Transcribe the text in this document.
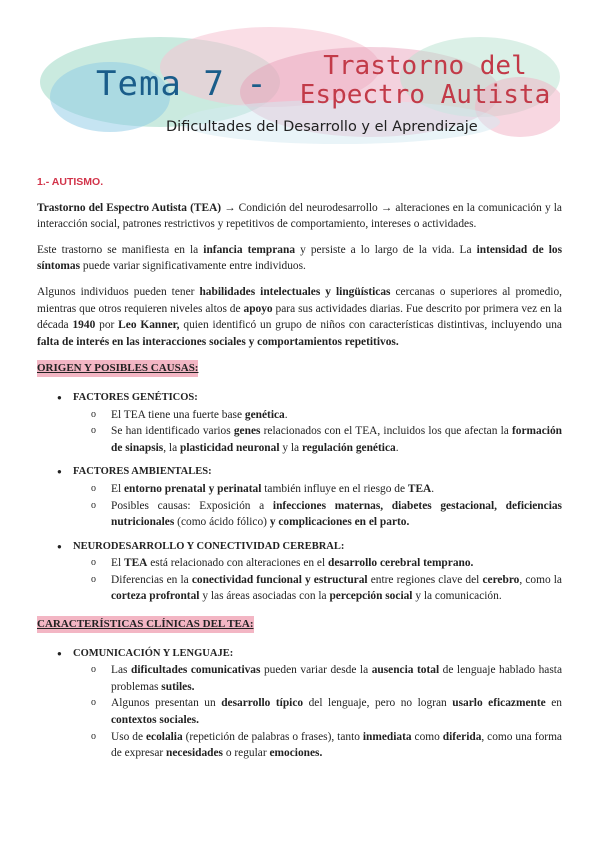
Tema 7 -	Trastorno del Espectro Autista
Dificultades del Desarrollo y el Aprendizaje
1.- AUTISMO.

Trastorno del Espectro Autista (TEA) → Condición del neurodesarrollo → alteraciones en la comunicación y la interacción social, patrones restrictivos y repetitivos de comportamiento, intereses o actividades.

Este trastorno se manifiesta en la infancia temprana y persiste a lo largo de la vida. La intensidad de los síntomas puede variar significativamente entre individuos.

Algunos individuos pueden tener habilidades intelectuales y lingüísticas cercanas o superiores al promedio, mientras que otros requieren niveles altos de apoyo para sus actividades diarias. Fue descrito por primera vez en la década 1940 por Leo Kanner, quien identificó un grupo de niños con características distintivas, incluyendo una falta de interés en las interacciones sociales y comportamientos repetitivos.

ORIGEN Y POSIBLES CAUSAS:
● FACTORES GENÉTICOS:
o El TEA tiene una fuerte base genética.
o Se han identificado varios genes relacionados con el TEA, incluidos los que afectan la formación de sinapsis, la plasticidad neuronal y la regulación genética.
● FACTORES AMBIENTALES:
o El entorno prenatal y perinatal también influye en el riesgo de TEA.
o Posibles causas: Exposición a infecciones maternas, diabetes gestacional, deficiencias nutricionales (como ácido fólico) y complicaciones en el parto.
● NEURODESARROLLO Y CONECTIVIDAD CEREBRAL:
o El TEA está relacionado con alteraciones en el desarrollo cerebral temprano.
o Diferencias en la conectividad funcional y estructural entre regiones clave del cerebro, como la corteza profrontal y las áreas asociadas con la percepción social y la comunicación.
CARACTERÍSTICAS CLÍNICAS DEL TEA:
● COMUNICACIÓN Y LENGUAJE:
o Las dificultades comunicativas pueden variar desde la ausencia total de lenguaje hablado hasta problemas sutiles.
o Algunos presentan un desarrollo típico del lenguaje, pero no logran usarlo eficazmente en contextos sociales.
o Uso de ecolalia (repetición de palabras o frases), tanto inmediata como diferida, como una forma de expresar necesidades o regular emociones.
